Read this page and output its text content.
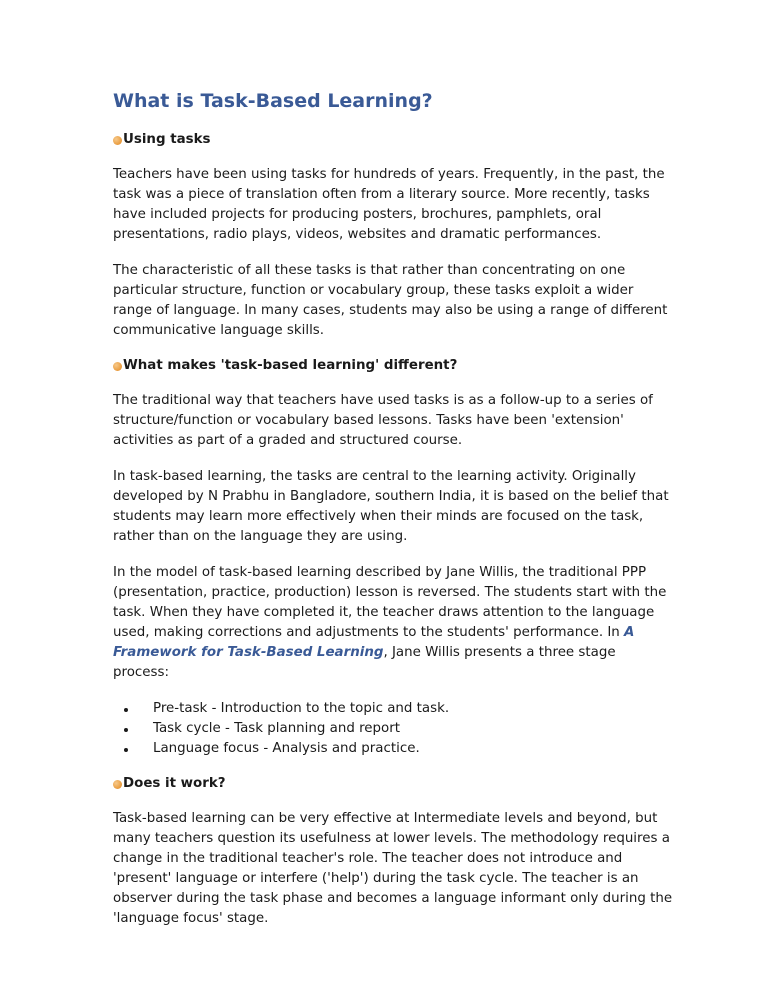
What is Task-Based Learning?
Using tasks

Teachers have been using tasks for hundreds of years. Frequently, in the past, the task was a piece of translation often from a literary source. More recently, tasks have included projects for producing posters, brochures, pamphlets, oral presentations, radio plays, videos, websites and dramatic performances.

The characteristic of all these tasks is that rather than concentrating on one particular structure, function or vocabulary group, these tasks exploit a wider range of language. In many cases, students may also be using a range of different communicative language skills.

What makes 'task-based learning' different?

The traditional way that teachers have used tasks is as a follow-up to a series of structure/function or vocabulary based lessons. Tasks have been 'extension' activities as part of a graded and structured course.

In task-based learning, the tasks are central to the learning activity. Originally developed by N Prabhu in Bangladore, southern India, it is based on the belief that students may learn more effectively when their minds are focused on the task, rather than on the language they are using.

In the model of task-based learning described by Jane Willis, the traditional PPP (presentation, practice, production) lesson is reversed. The students start with the task. When they have completed it, the teacher draws attention to the language used, making corrections and adjustments to the students' performance. In A Framework for Task-Based Learning, Jane Willis presents a three stage process:

Pre-task - Introduction to the topic and task.
Task cycle - Task planning and report
Language focus - Analysis and practice.
Does it work?

Task-based learning can be very effective at Intermediate levels and beyond, but many teachers question its usefulness at lower levels. The methodology requires a change in the traditional teacher's role. The teacher does not introduce and 'present' language or interfere ('help') during the task cycle. The teacher is an observer during the task phase and becomes a language informant only during the 'language focus' stage.
